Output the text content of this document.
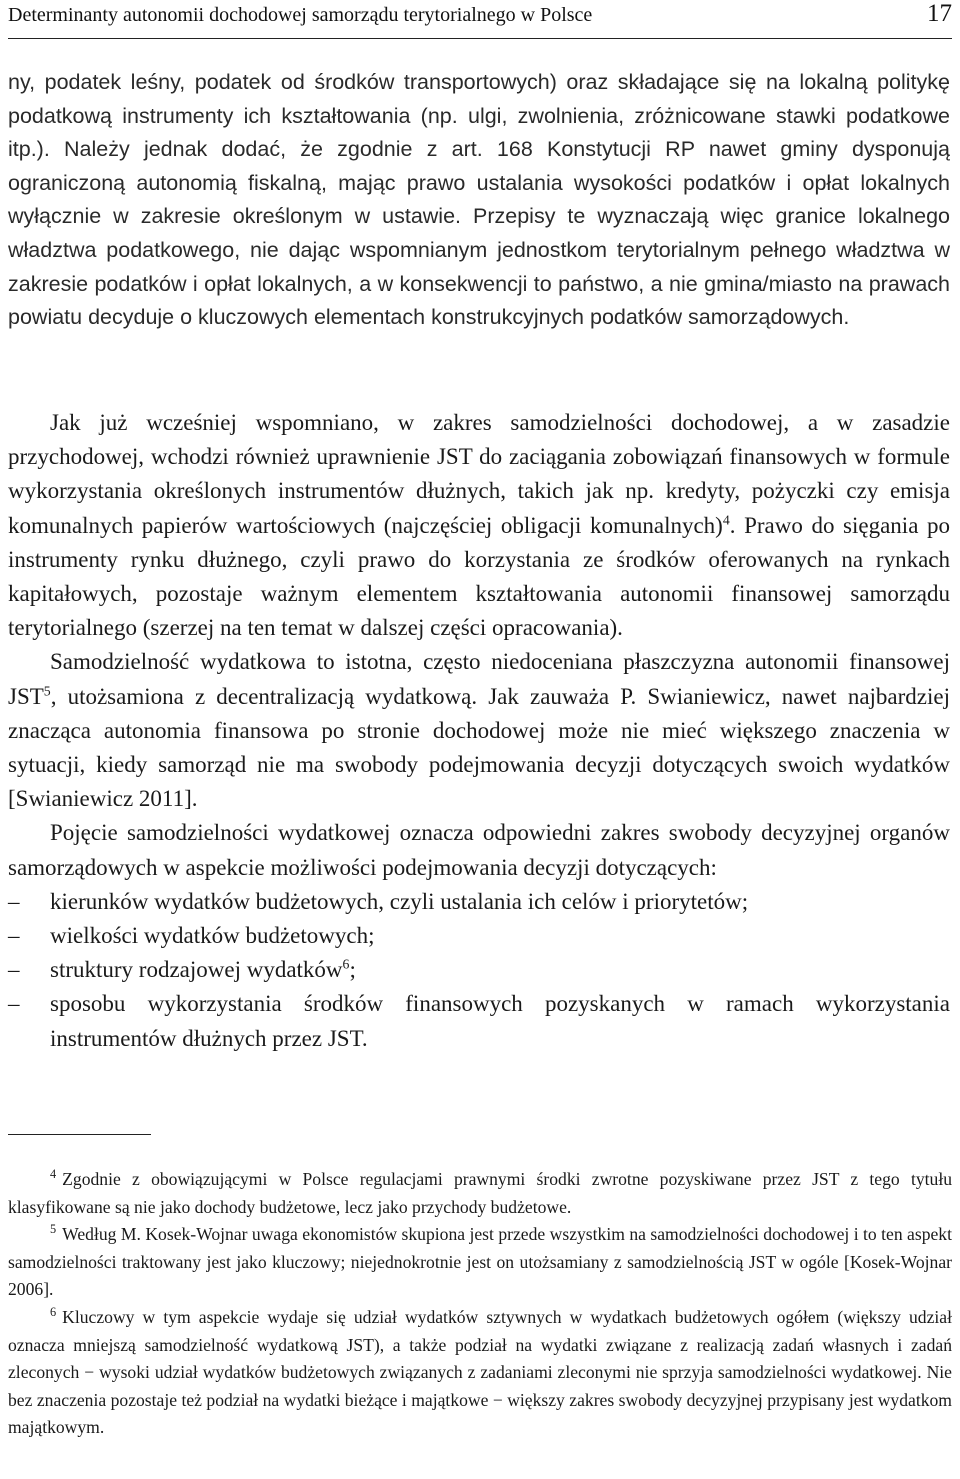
Determinanty autonomii dochodowej samorządu terytorialnego w Polsce	17

ny, podatek leśny, podatek od środków transportowych) oraz składające się na lokalną politykę podatkową instrumenty ich kształtowania (np. ulgi, zwolnienia, zróżnicowane stawki podatkowe itp.). Należy jednak dodać, że zgodnie z art. 168 Konstytucji RP nawet gminy dysponują ograniczoną autonomią fiskalną, mając prawo ustalania wysokości podatków i opłat lokalnych wyłącznie w zakresie określonym w ustawie. Przepisy te wyznaczają więc granice lokalnego władztwa podatkowego, nie dając wspomnianym jednostkom terytorialnym pełnego władztwa w zakresie podatków i opłat lokalnych, a w konsekwencji to państwo, a nie gmina/miasto na prawach powiatu decyduje o kluczowych elementach konstrukcyjnych podatków samorządowych.

Jak już wcześniej wspomniano, w zakres samodzielności dochodowej, a w zasadzie przychodowej, wchodzi również uprawnienie JST do zaciągania zobowiązań finansowych w formule wykorzystania określonych instrumentów dłużnych, takich jak np. kredyty, pożyczki czy emisja komunalnych papierów wartościowych (najczęściej obligacji komunalnych)$^4$. Prawo do sięgania po instrumenty rynku dłużnego, czyli prawo do korzystania ze środków oferowanych na rynkach kapitałowych, pozostaje ważnym elementem kształtowania autonomii finansowej samorządu terytorialnego (szerzej na ten temat w dalszej części opracowania).

Samodzielność wydatkowa to istotna, często niedoceniana płaszczyzna autonomii finansowej JST$^5$, utożsamiona z decentralizacją wydatkową. Jak zauważa P. Swianiewicz, nawet najbardziej znacząca autonomia finansowa po stronie dochodowej może nie mieć większego znaczenia w sytuacji, kiedy samorząd nie ma swobody podejmowania decyzji dotyczących swoich wydatków [Swianiewicz 2011].

Pojęcie samodzielności wydatkowej oznacza odpowiedni zakres swobody decyzyjnej organów samorządowych w aspekcie możliwości podejmowania decyzji dotyczących:

– kierunków wydatków budżetowych, czyli ustalania ich celów i priorytetów;
– wielkości wydatków budżetowych;
– struktury rodzajowej wydatków$^6$;
– sposobu wykorzystania środków finansowych pozyskanych w ramach wykorzystania instrumentów dłużnych przez JST.

$^4$ Zgodnie z obowiązującymi w Polsce regulacjami prawnymi środki zwrotne pozyskiwane przez JST z tego tytułu klasyfikowane są nie jako dochody budżetowe, lecz jako przychody budżetowe.

$^5$ Według M. Kosek-Wojnar uwaga ekonomistów skupiona jest przede wszystkim na samodzielności dochodowej i to ten aspekt samodzielności traktowany jest jako kluczowy; niejednokrotnie jest on utożsamiany z samodzielnością JST w ogóle [Kosek-Wojnar 2006].

$^6$ Kluczowy w tym aspekcie wydaje się udział wydatków sztywnych w wydatkach budżetowych ogółem (większy udział oznacza mniejszą samodzielność wydatkową JST), a także podział na wydatki związane z realizacją zadań własnych i zadań zleconych − wysoki udział wydatków budżetowych związanych z zadaniami zleconymi nie sprzyja samodzielności wydatkowej. Nie bez znaczenia pozostaje też podział na wydatki bieżące i majątkowe − większy zakres swobody decyzyjnej przypisany jest wydatkom majątkowym.
